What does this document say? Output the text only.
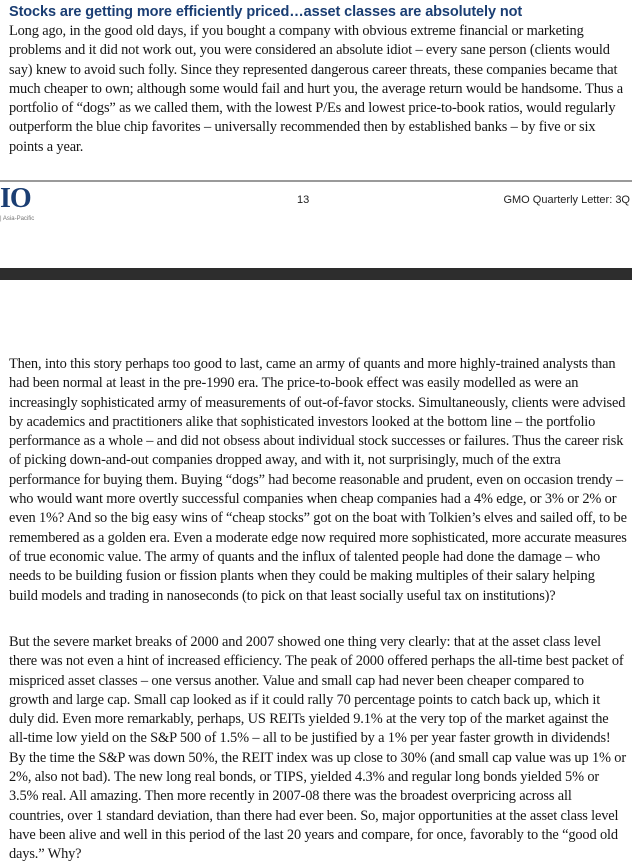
Stocks are getting more efficiently priced…asset classes are absolutely not

Long ago, in the good old days, if you bought a company with obvious extreme financial or marketing problems and it did not work out, you were considered an absolute idiot – every sane person (clients would say) knew to avoid such folly. Since they represented dangerous career threats, these companies became that much cheaper to own; although some would fail and hurt you, the average return would be handsome. Thus a portfolio of “dogs” as we called them, with the lowest P/Es and lowest price-to-book ratios, would regularly outperform the blue chip favorites – universally recommended then by established banks – by five or six points a year.

IO
| Asia-Pacific
13	GMO Quarterly Letter: 3Q

Then, into this story perhaps too good to last, came an army of quants and more highly-trained analysts than had been normal at least in the pre-1990 era. The price-to-book effect was easily modelled as were an increasingly sophisticated army of measurements of out-of-favor stocks. Simultaneously, clients were advised by academics and practitioners alike that sophisticated investors looked at the bottom line – the portfolio performance as a whole – and did not obsess about individual stock successes or failures. Thus the career risk of picking down-and-out companies dropped away, and with it, not surprisingly, much of the extra performance for buying them. Buying “dogs” had become reasonable and prudent, even on occasion trendy – who would want more overtly successful companies when cheap companies had a 4% edge, or 3% or 2% or even 1%? And so the big easy wins of “cheap stocks” got on the boat with Tolkien’s elves and sailed off, to be remembered as a golden era. Even a moderate edge now required more sophisticated, more accurate measures of true economic value. The army of quants and the influx of talented people had done the damage – who needs to be building fusion or fission plants when they could be making multiples of their salary helping build models and trading in nanoseconds (to pick on that least socially useful tax on institutions)?

But the severe market breaks of 2000 and 2007 showed one thing very clearly: that at the asset class level there was not even a hint of increased efficiency. The peak of 2000 offered perhaps the all-time best packet of mispriced asset classes – one versus another. Value and small cap had never been cheaper compared to growth and large cap. Small cap looked as if it could rally 70 percentage points to catch back up, which it duly did. Even more remarkably, perhaps, US REITs yielded 9.1% at the very top of the market against the all-time low yield on the S&P 500 of 1.5% – all to be justified by a 1% per year faster growth in dividends! By the time the S&P was down 50%, the REIT index was up close to 30% (and small cap value was up 1% or 2%, also not bad). The new long real bonds, or TIPS, yielded 4.3% and regular long bonds yielded 5% or 3.5% real. All amazing. Then more recently in 2007-08 there was the broadest overpricing across all countries, over 1 standard deviation, than there had ever been. So, major opportunities at the asset class level have been alive and well in this period of the last 20 years and compare, for once, favorably to the “good old days.” Why?
